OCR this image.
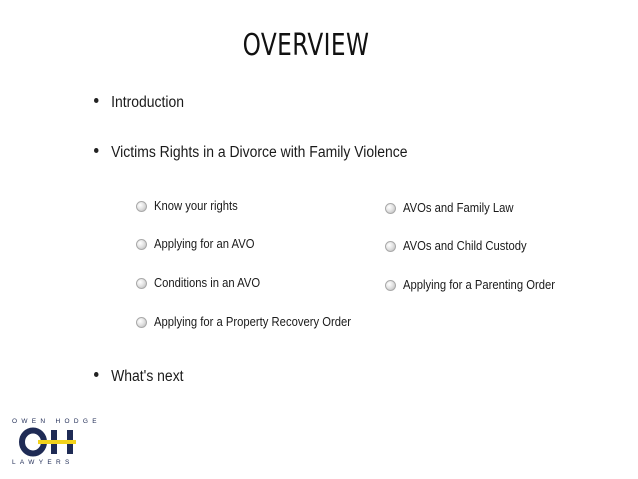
OVERVIEW
Introduction
Victims Rights in a Divorce with Family Violence
Know your rights
Applying for an AVO
Conditions in an AVO
Applying for a Property Recovery Order
AVOs and Family Law
AVOs and Child Custody
Applying for a Parenting Order
What's next
OWEN HODGE
LAWYERS
